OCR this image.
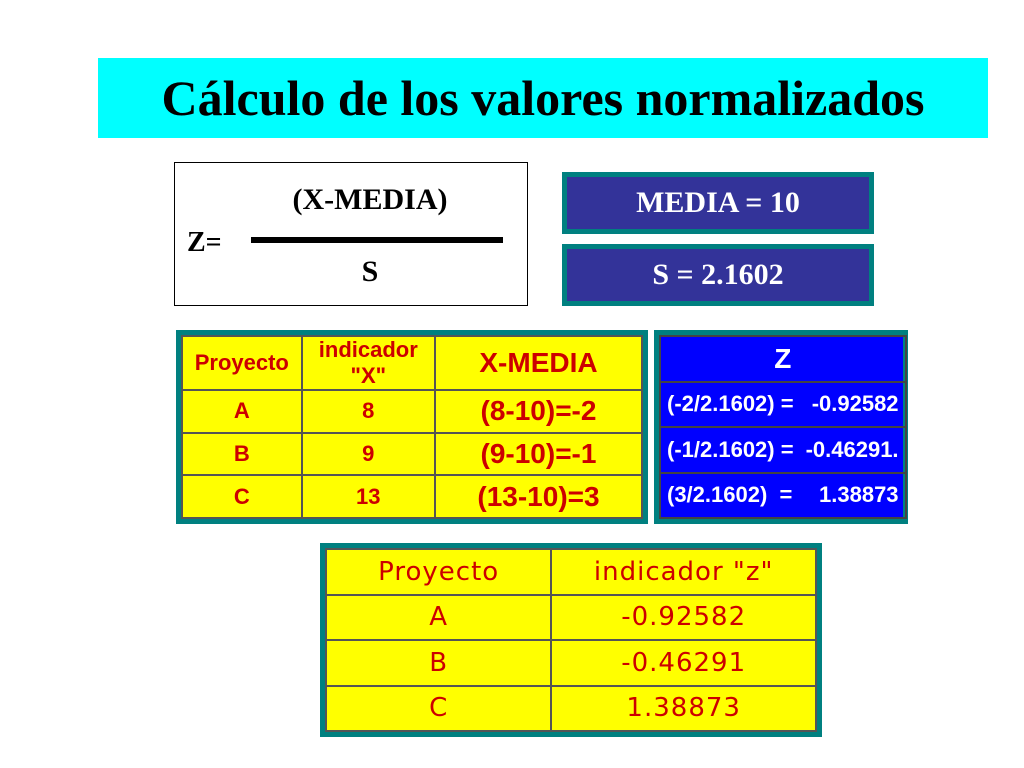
Cálculo de los valores normalizados
(X-MEDIA)
Z=
S
MEDIA = 10
S = 2.1602
Proyecto	indicador "X"	X-MEDIA
A	8	(8-10)=-2
B	9	(9-10)=-1
C	13	(13-10)=3
Z	
(-2/2.1602) =	-0.92582
(-1/2.1602) =	-0.46291.
(3/2.1602)  =	1.38873
Proyecto	indicador "z"
A	-0.92582
B	-0.46291
C	1.38873
